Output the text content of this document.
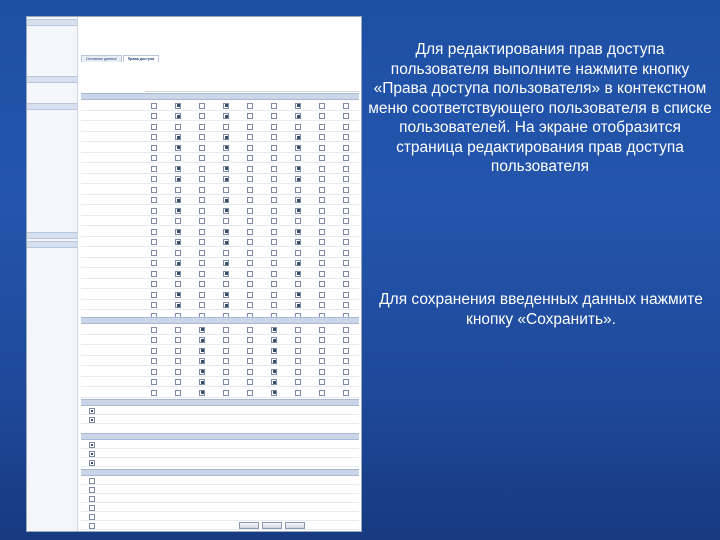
Основные данные	Права доступа
Для редактирования прав доступа пользователя выполните нажмите кнопку «Права доступа пользователя» в контекстном меню соответствующего пользователя в списке пользователей. На экране отобразится страница редактирования прав доступа пользователя
Для сохранения введенных данных нажмите кнопку «Сохранить».
